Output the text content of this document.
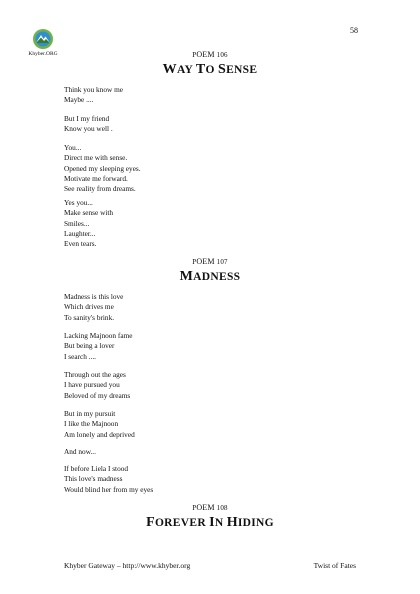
58
Khyber.ORG	POEM 106
WAY TO SENSE
Think you know me
Maybe ....
But I my friend
Know you well .
You...
Direct me with sense.
Opened my sleeping eyes.
Motivate me forward.
See reality from dreams.
Yes you...
Make sense with
Smiles...
Laughter...
Even tears.
POEM 107
MADNESS
Madness is this love
Which drives me
To sanity's brink.
Lacking Majnoon fame
But being a lover
I search ....
Through out the ages
I have pursued you
Beloved of my dreams
But in my pursuit
I like the Majnoon
Am lonely and deprived
And now...
If before Liela I stood
This love's madness
Would blind her from my eyes
POEM 108
FOREVER IN HIDING
Khyber Gateway – http://www.khyber.org	Twist of Fates
